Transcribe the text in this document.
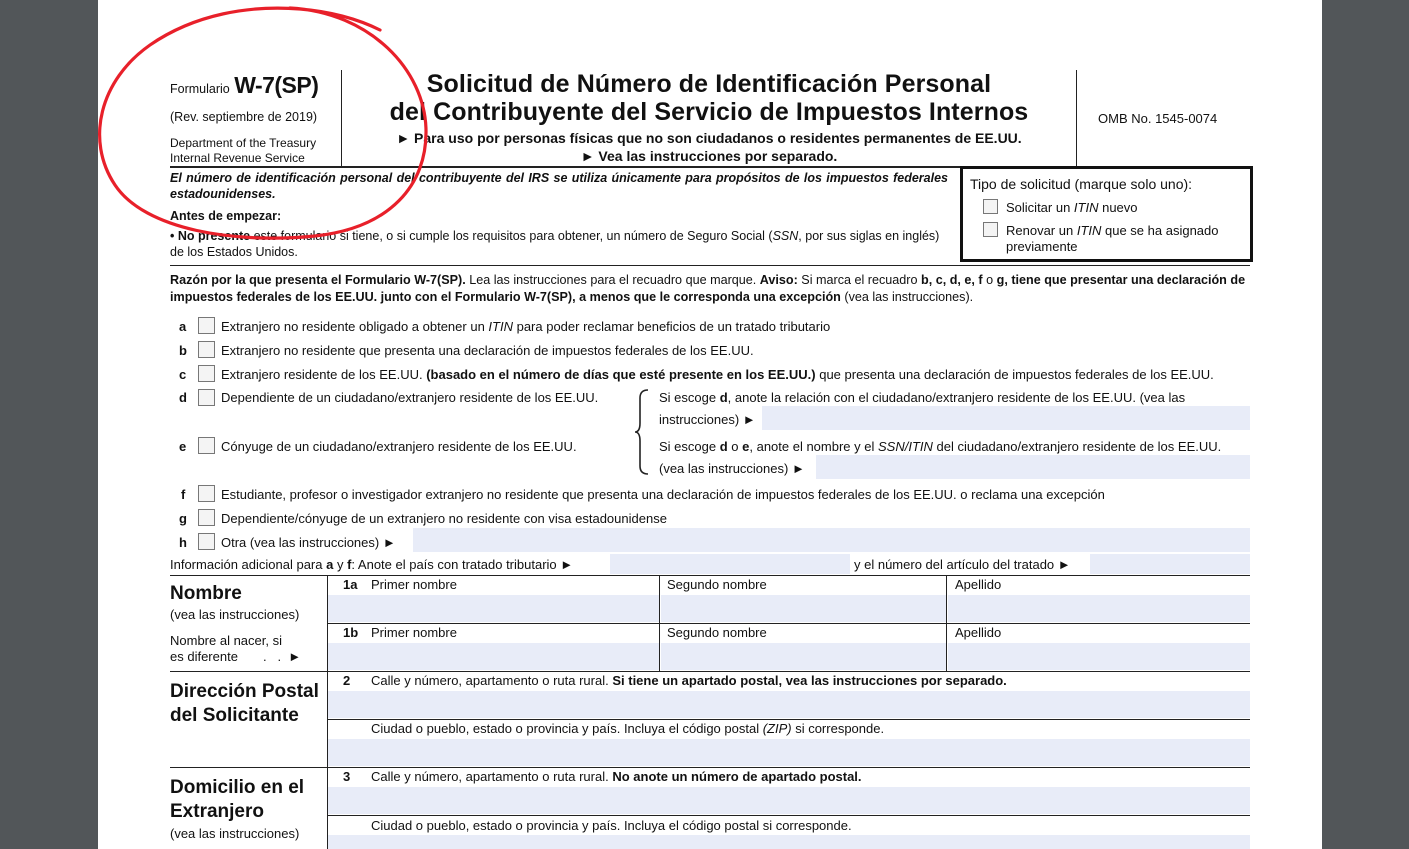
Formulario W-7(SP)
(Rev. septiembre de 2019)
Department of the Treasury
Internal Revenue Service
Solicitud de Número de Identificación Personal
del Contribuyente del Servicio de Impuestos Internos
► Para uso por personas físicas que no son ciudadanos o residentes permanentes de EE.UU.
► Vea las instrucciones por separado.
OMB No. 1545-0074
El número de identificación personal del contribuyente del IRS se utiliza únicamente para propósitos de los impuestos federales estadounidenses.
Antes de empezar:
• No presente este formulario si tiene, o si cumple los requisitos para obtener, un número de Seguro Social (SSN, por sus siglas en inglés) de los Estados Unidos.
Tipo de solicitud (marque solo uno):
Solicitar un ITIN nuevo
Renovar un ITIN que se ha asignado previamente
Razón por la que presenta el Formulario W-7(SP). Lea las instrucciones para el recuadro que marque. Aviso: Si marca el recuadro b, c, d, e, f o g, tiene que presentar una declaración de impuestos federales de los EE.UU. junto con el Formulario W-7(SP), a menos que le corresponda una excepción (vea las instrucciones).
a	Extranjero no residente obligado a obtener un ITIN para poder reclamar beneficios de un tratado tributario
b	Extranjero no residente que presenta una declaración de impuestos federales de los EE.UU.
c	Extranjero residente de los EE.UU. (basado en el número de días que esté presente en los EE.UU.) que presenta una declaración de impuestos federales de los EE.UU.
d	Dependiente de un ciudadano/extranjero residente de los EE.UU.
e	Cónyuge de un ciudadano/extranjero residente de los EE.UU.
Si escoge d, anote la relación con el ciudadano/extranjero residente de los EE.UU. (vea las
instrucciones) ►
Si escoge d o e, anote el nombre y el SSN/ITIN del ciudadano/extranjero residente de los EE.UU.
(vea las instrucciones) ►
f	Estudiante, profesor o investigador extranjero no residente que presenta una declaración de impuestos federales de los EE.UU. o reclama una excepción
g	Dependiente/cónyuge de un extranjero no residente con visa estadounidense
h	Otra (vea las instrucciones) ►
Información adicional para a y f: Anote el país con tratado tributario ►	y el número del artículo del tratado ►
Nombre
(vea las instrucciones)
Nombre al nacer, si
es diferente .   .  ►
1a Primer nombre	Segundo nombre	Apellido
1b Primer nombre	Segundo nombre	Apellido
Dirección Postal
del Solicitante
2 Calle y número, apartamento o ruta rural. Si tiene un apartado postal, vea las instrucciones por separado.
Ciudad o pueblo, estado o provincia y país. Incluya el código postal (ZIP) si corresponde.
Domicilio en el
Extranjero
(vea las instrucciones)
3 Calle y número, apartamento o ruta rural. No anote un número de apartado postal.
Ciudad o pueblo, estado o provincia y país. Incluya el código postal si corresponde.
